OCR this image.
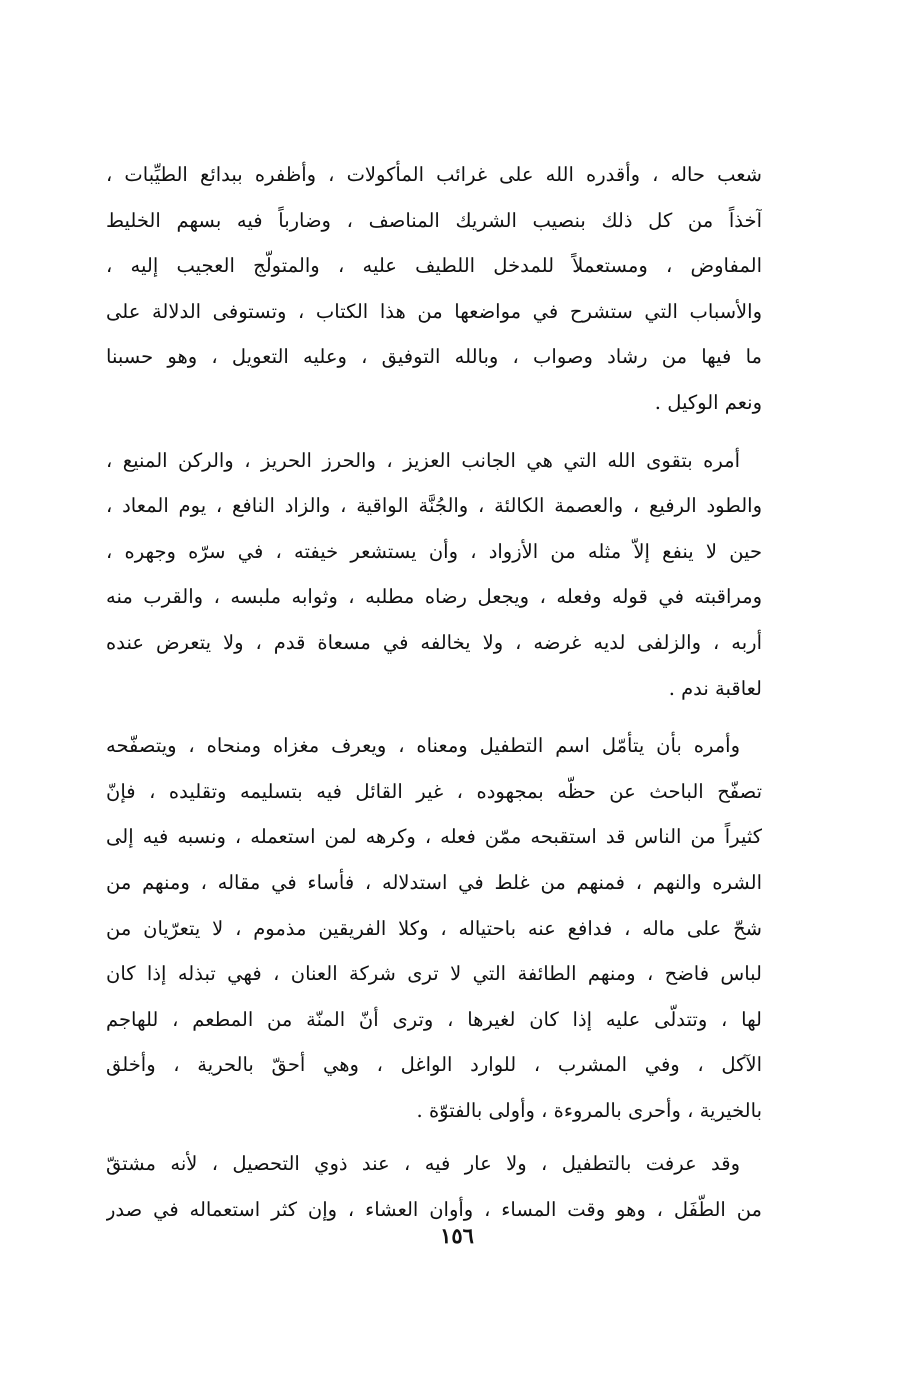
شعب حاله ، وأقدره الله على غرائب المأكولات ، وأظفره ببدائع الطيِّبات ،
آخذاً من كل ذلك بنصيب الشريك المناصف ، وضارباً فيه بسهم الخليط
المفاوض ، ومستعملاً للمدخل اللطيف عليه ، والمتولّج العجيب إليه ،
والأسباب التي ستشرح في مواضعها من هذا الكتاب ، وتستوفى الدلالة على
ما فيها من رشاد وصواب ، وبالله التوفيق ، وعليه التعويل ، وهو حسبنا
ونعم الوكيل .
أمره بتقوى الله التي هي الجانب العزيز ، والحرز الحريز ، والركن المنيع ،
والطود الرفيع ، والعصمة الكالئة ، والجُنَّة الواقية ، والزاد النافع ، يوم المعاد ،
حين لا ينفع إلاّ مثله من الأزواد ، وأن يستشعر خيفته ، في سرّه وجهره ،
ومراقبته في قوله وفعله ، ويجعل رضاه مطلبه ، وثوابه ملبسه ، والقرب منه
أربه ، والزلفى لديه غرضه ، ولا يخالفه في مسعاة قدم ، ولا يتعرض عنده
لعاقبة ندم .
وأمره بأن يتأمّل اسم التطفيل ومعناه ، ويعرف مغزاه ومنحاه ، ويتصفّحه
تصفّح الباحث عن حظّه بمجهوده ، غير القائل فيه بتسليمه وتقليده ، فإنّ
كثيراً من الناس قد استقبحه ممّن فعله ، وكرهه لمن استعمله ، ونسبه فيه إلى
الشره والنهم ، فمنهم من غلط في استدلاله ، فأساء في مقاله ، ومنهم من
شحّ على ماله ، فدافع عنه باحتياله ، وكلا الفريقين مذموم ، لا يتعرّيان من
لباس فاضح ، ومنهم الطائفة التي لا ترى شركة العنان ، فهي تبذله إذا كان
لها ، وتتدلّى عليه إذا كان لغيرها ، وترى أنّ المنّة من المطعم ، للهاجم
الآكل ، وفي المشرب ، للوارد الواغل ، وهي أحقّ بالحرية ، وأخلق
بالخيرية ، وأحرى بالمروءة ، وأولى بالفتوّة .
وقد عرفت بالتطفيل ، ولا عار فيه ، عند ذوي التحصيل ، لأنه مشتقّ
من الطّفَل ، وهو وقت المساء ، وأوان العشاء ، وإن كثر استعماله في صدر
١٥٦
